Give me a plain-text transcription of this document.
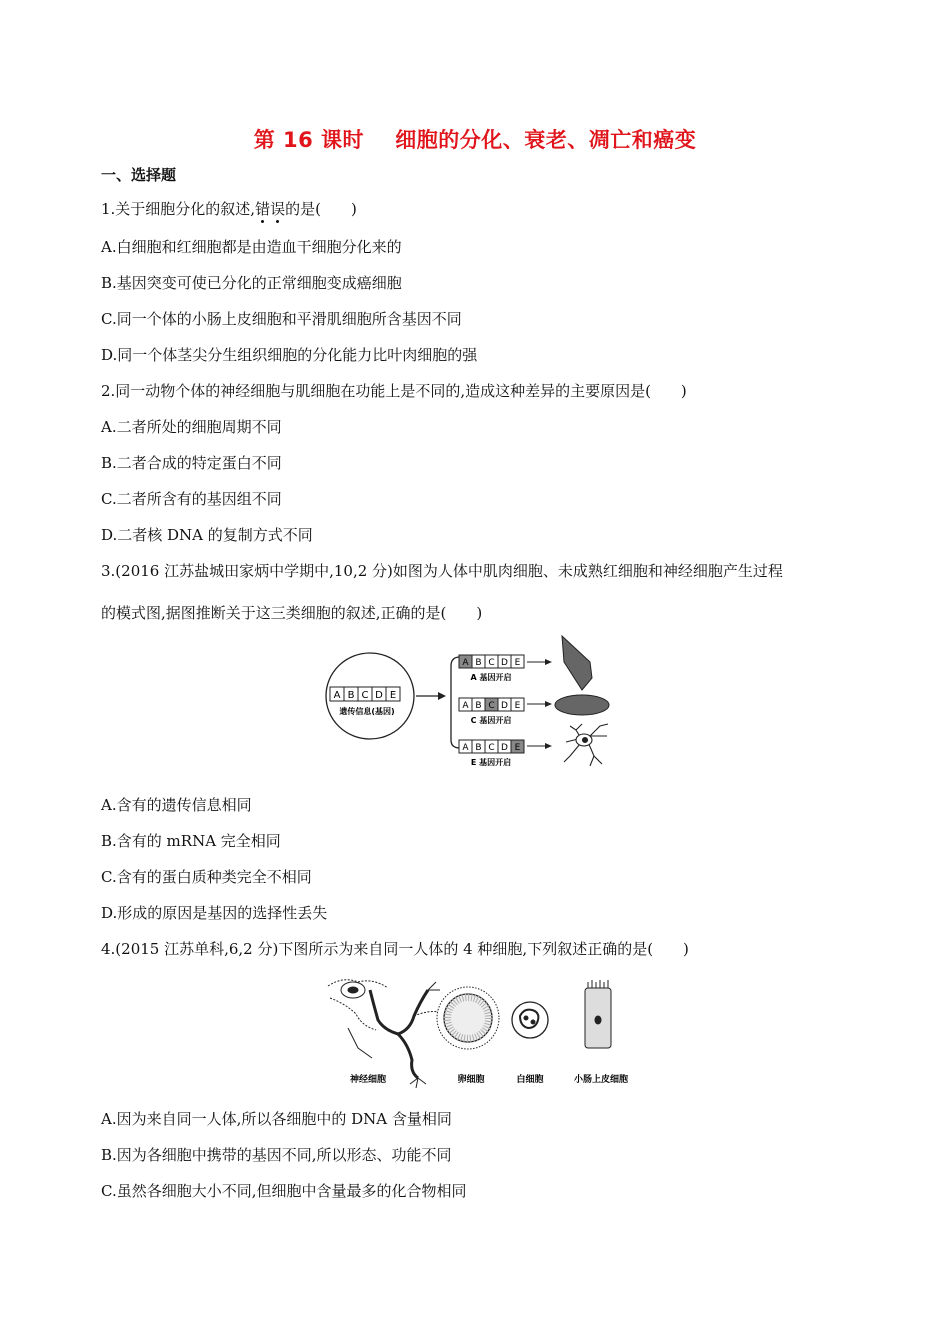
第 16 课时    细胞的分化、衰老、凋亡和癌变
一、选择题
1.关于细胞分化的叙述,错误的是(　　)
A.白细胞和红细胞都是由造血干细胞分化来的
B.基因突变可使已分化的正常细胞变成癌细胞
C.同一个体的小肠上皮细胞和平滑肌细胞所含基因不同
D.同一个体茎尖分生组织细胞的分化能力比叶肉细胞的强
2.同一动物个体的神经细胞与肌细胞在功能上是不同的,造成这种差异的主要原因是(　　)
A.二者所处的细胞周期不同
B.二者合成的特定蛋白不同
C.二者所含有的基因组不同
D.二者核 DNA 的复制方式不同
3.(2016 江苏盐城田家炳中学期中,10,2 分)如图为人体中肌肉细胞、未成熟红细胞和神经细胞产生过程
的模式图,据图推断关于这三类细胞的叙述,正确的是(　　)
A B C D E
遗传信息(基因)
A B C D E
A 基因开启
A B C D E
C 基因开启
A B C D E
E 基因开启
A.含有的遗传信息相同
B.含有的 mRNA 完全相同
C.含有的蛋白质种类完全不相同
D.形成的原因是基因的选择性丢失
4.(2015 江苏单科,6,2 分)下图所示为来自同一人体的 4 种细胞,下列叙述正确的是(　　)
神经细胞	卵细胞	白细胞	小肠上皮细胞
A.因为来自同一人体,所以各细胞中的 DNA 含量相同
B.因为各细胞中携带的基因不同,所以形态、功能不同
C.虽然各细胞大小不同,但细胞中含量最多的化合物相同
